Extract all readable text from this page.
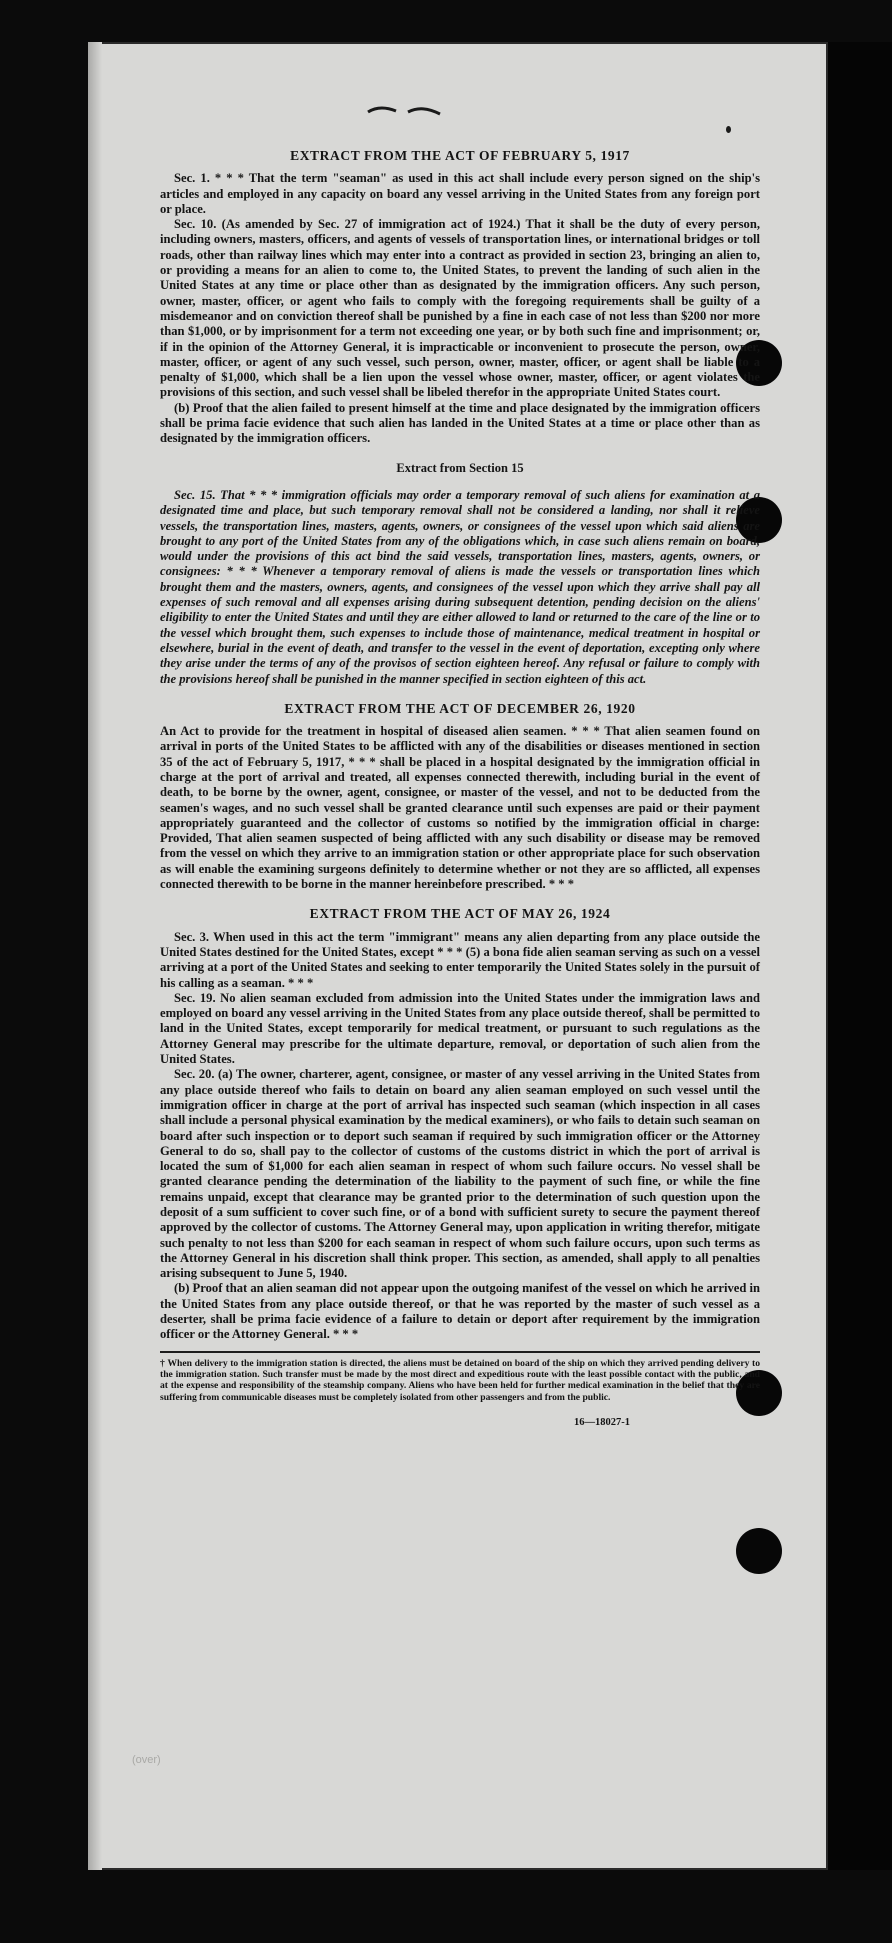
EXTRACT FROM THE ACT OF FEBRUARY 5, 1917

Sec. 1. * * * That the term "seaman" as used in this act shall include every person signed on the ship's articles and employed in any capacity on board any vessel arriving in the United States from any foreign port or place.

Sec. 10. (As amended by Sec. 27 of immigration act of 1924.) That it shall be the duty of every person, including owners, masters, officers, and agents of vessels of transportation lines, or international bridges or toll roads, other than railway lines which may enter into a contract as provided in section 23, bringing an alien to, or providing a means for an alien to come to, the United States, to prevent the landing of such alien in the United States at any time or place other than as designated by the immigration officers. Any such person, owner, master, officer, or agent who fails to comply with the foregoing requirements shall be guilty of a misdemeanor and on conviction thereof shall be punished by a fine in each case of not less than $200 nor more than $1,000, or by imprisonment for a term not exceeding one year, or by both such fine and imprisonment; or, if in the opinion of the Attorney General, it is impracticable or inconvenient to prosecute the person, owner, master, officer, or agent of any such vessel, such person, owner, master, officer, or agent shall be liable to a penalty of $1,000, which shall be a lien upon the vessel whose owner, master, officer, or agent violates the provisions of this section, and such vessel shall be libeled therefor in the appropriate United States court.

(b) Proof that the alien failed to present himself at the time and place designated by the immigration officers shall be prima facie evidence that such alien has landed in the United States at a time or place other than as designated by the immigration officers.

Extract from Section 15

Sec. 15. That * * * immigration officials may order a temporary removal of such aliens for examination at a designated time and place, but such temporary removal shall not be considered a landing, nor shall it relieve vessels, the transportation lines, masters, agents, owners, or consignees of the vessel upon which said aliens are brought to any port of the United States from any of the obligations which, in case such aliens remain on board, would under the provisions of this act bind the said vessels, transportation lines, masters, agents, owners, or consignees: * * * Whenever a temporary removal of aliens is made the vessels or transportation lines which brought them and the masters, owners, agents, and consignees of the vessel upon which they arrive shall pay all expenses of such removal and all expenses arising during subsequent detention, pending decision on the aliens' eligibility to enter the United States and until they are either allowed to land or returned to the care of the line or to the vessel which brought them, such expenses to include those of maintenance, medical treatment in hospital or elsewhere, burial in the event of death, and transfer to the vessel in the event of deportation, excepting only where they arise under the terms of any of the provisos of section eighteen hereof. Any refusal or failure to comply with the provisions hereof shall be punished in the manner specified in section eighteen of this act.

EXTRACT FROM THE ACT OF DECEMBER 26, 1920

An Act to provide for the treatment in hospital of diseased alien seamen. * * * That alien seamen found on arrival in ports of the United States to be afflicted with any of the disabilities or diseases mentioned in section 35 of the act of February 5, 1917, * * * shall be placed in a hospital designated by the immigration official in charge at the port of arrival and treated, all expenses connected therewith, including burial in the event of death, to be borne by the owner, agent, consignee, or master of the vessel, and not to be deducted from the seamen's wages, and no such vessel shall be granted clearance until such expenses are paid or their payment appropriately guaranteed and the collector of customs so notified by the immigration official in charge: Provided, That alien seamen suspected of being afflicted with any such disability or disease may be removed from the vessel on which they arrive to an immigration station or other appropriate place for such observation as will enable the examining surgeons definitely to determine whether or not they are so afflicted, all expenses connected therewith to be borne in the manner hereinbefore prescribed. * * *

EXTRACT FROM THE ACT OF MAY 26, 1924

Sec. 3. When used in this act the term "immigrant" means any alien departing from any place outside the United States destined for the United States, except * * * (5) a bona fide alien seaman serving as such on a vessel arriving at a port of the United States and seeking to enter temporarily the United States solely in the pursuit of his calling as a seaman. * * *

Sec. 19. No alien seaman excluded from admission into the United States under the immigration laws and employed on board any vessel arriving in the United States from any place outside thereof, shall be permitted to land in the United States, except temporarily for medical treatment, or pursuant to such regulations as the Attorney General may prescribe for the ultimate departure, removal, or deportation of such alien from the United States.

Sec. 20. (a) The owner, charterer, agent, consignee, or master of any vessel arriving in the United States from any place outside thereof who fails to detain on board any alien seaman employed on such vessel until the immigration officer in charge at the port of arrival has inspected such seaman (which inspection in all cases shall include a personal physical examination by the medical examiners), or who fails to detain such seaman on board after such inspection or to deport such seaman if required by such immigration officer or the Attorney General to do so, shall pay to the collector of customs of the customs district in which the port of arrival is located the sum of $1,000 for each alien seaman in respect of whom such failure occurs. No vessel shall be granted clearance pending the determination of the liability to the payment of such fine, or while the fine remains unpaid, except that clearance may be granted prior to the determination of such question upon the deposit of a sum sufficient to cover such fine, or of a bond with sufficient surety to secure the payment thereof approved by the collector of customs. The Attorney General may, upon application in writing therefor, mitigate such penalty to not less than $200 for each seaman in respect of whom such failure occurs, upon such terms as the Attorney General in his discretion shall think proper. This section, as amended, shall apply to all penalties arising subsequent to June 5, 1940.

(b) Proof that an alien seaman did not appear upon the outgoing manifest of the vessel on which he arrived in the United States from any place outside thereof, or that he was reported by the master of such vessel as a deserter, shall be prima facie evidence of a failure to detain or deport after requirement by the immigration officer or the Attorney General. * * *

† When delivery to the immigration station is directed, the aliens must be detained on board of the ship on which they arrived pending delivery to the immigration station. Such transfer must be made by the most direct and expeditious route with the least possible contact with the public, and at the expense and responsibility of the steamship company. Aliens who have been held for further medical examination in the belief that they are suffering from communicable diseases must be completely isolated from other passengers and from the public.
16—18027-1
(over)
